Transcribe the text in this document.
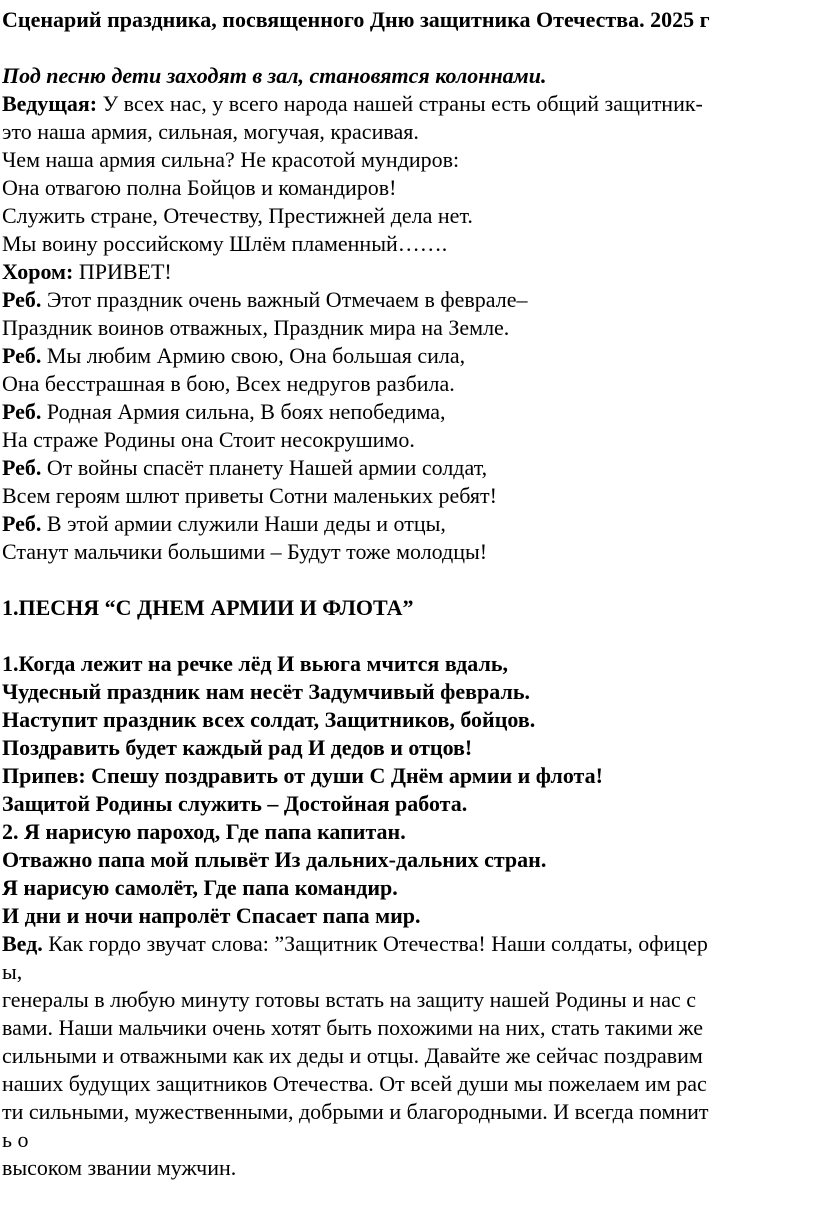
Сценарий праздника, посвященного Дню защитника Отечества. 2025 г
Под песню дети заходят в зал, становятся колоннами.
Ведущая: У всех нас, у всего народа нашей страны есть общий защитник-
это наша армия, сильная, могучая, красивая.
Чем наша армия сильна? Не красотой мундиров:
Она отвагою полна Бойцов и командиров!
Служить стране, Отечеству, Престижней дела нет.
Мы воину российскому Шлём пламенный…….
Хором: ПРИВЕТ!
Реб. Этот праздник очень важный Отмечаем в феврале–
Праздник воинов отважных, Праздник мира на Земле.
Реб. Мы любим Армию свою, Она большая сила,
Она бесстрашная в бою, Всех недругов разбила.
Реб. Родная Армия сильна, В боях непобедима,
На страже Родины она Стоит несокрушимо.
Реб. От войны спасёт планету Нашей армии солдат,
Всем героям шлют приветы Сотни маленьких ребят!
Реб. В этой армии служили Наши деды и отцы,
Станут мальчики большими – Будут тоже молодцы!
1.ПЕСНЯ “С ДНЕМ АРМИИ И ФЛОТА”
1.Когда лежит на речке лёд И вьюга мчится вдаль,
Чудесный праздник нам несёт Задумчивый февраль.
Наступит праздник всех солдат, Защитников, бойцов.
Поздравить будет каждый рад И дедов и отцов!
Припев: Спешу поздравить от души С Днём армии и флота!
Защитой Родины служить – Достойная работа.
2. Я нарисую пароход, Где папа капитан.
Отважно папа мой плывёт Из дальних-дальних стран.
Я нарисую самолёт, Где папа командир.
И дни и ночи напролёт Спасает папа мир.
Вед. Как гордо звучат слова: ”Защитник Отечества! Наши солдаты, офицер
ы,
генералы в любую минуту готовы встать на защиту нашей Родины и нас с
вами. Наши мальчики очень хотят быть похожими на них, стать такими же
сильными и отважными как их деды и отцы. Давайте же сейчас поздравим
наших будущих защитников Отечества. От всей души мы пожелаем им рас
ти сильными, мужественными, добрыми и благородными. И всегда помнит
ь о
высоком звании мужчин.
